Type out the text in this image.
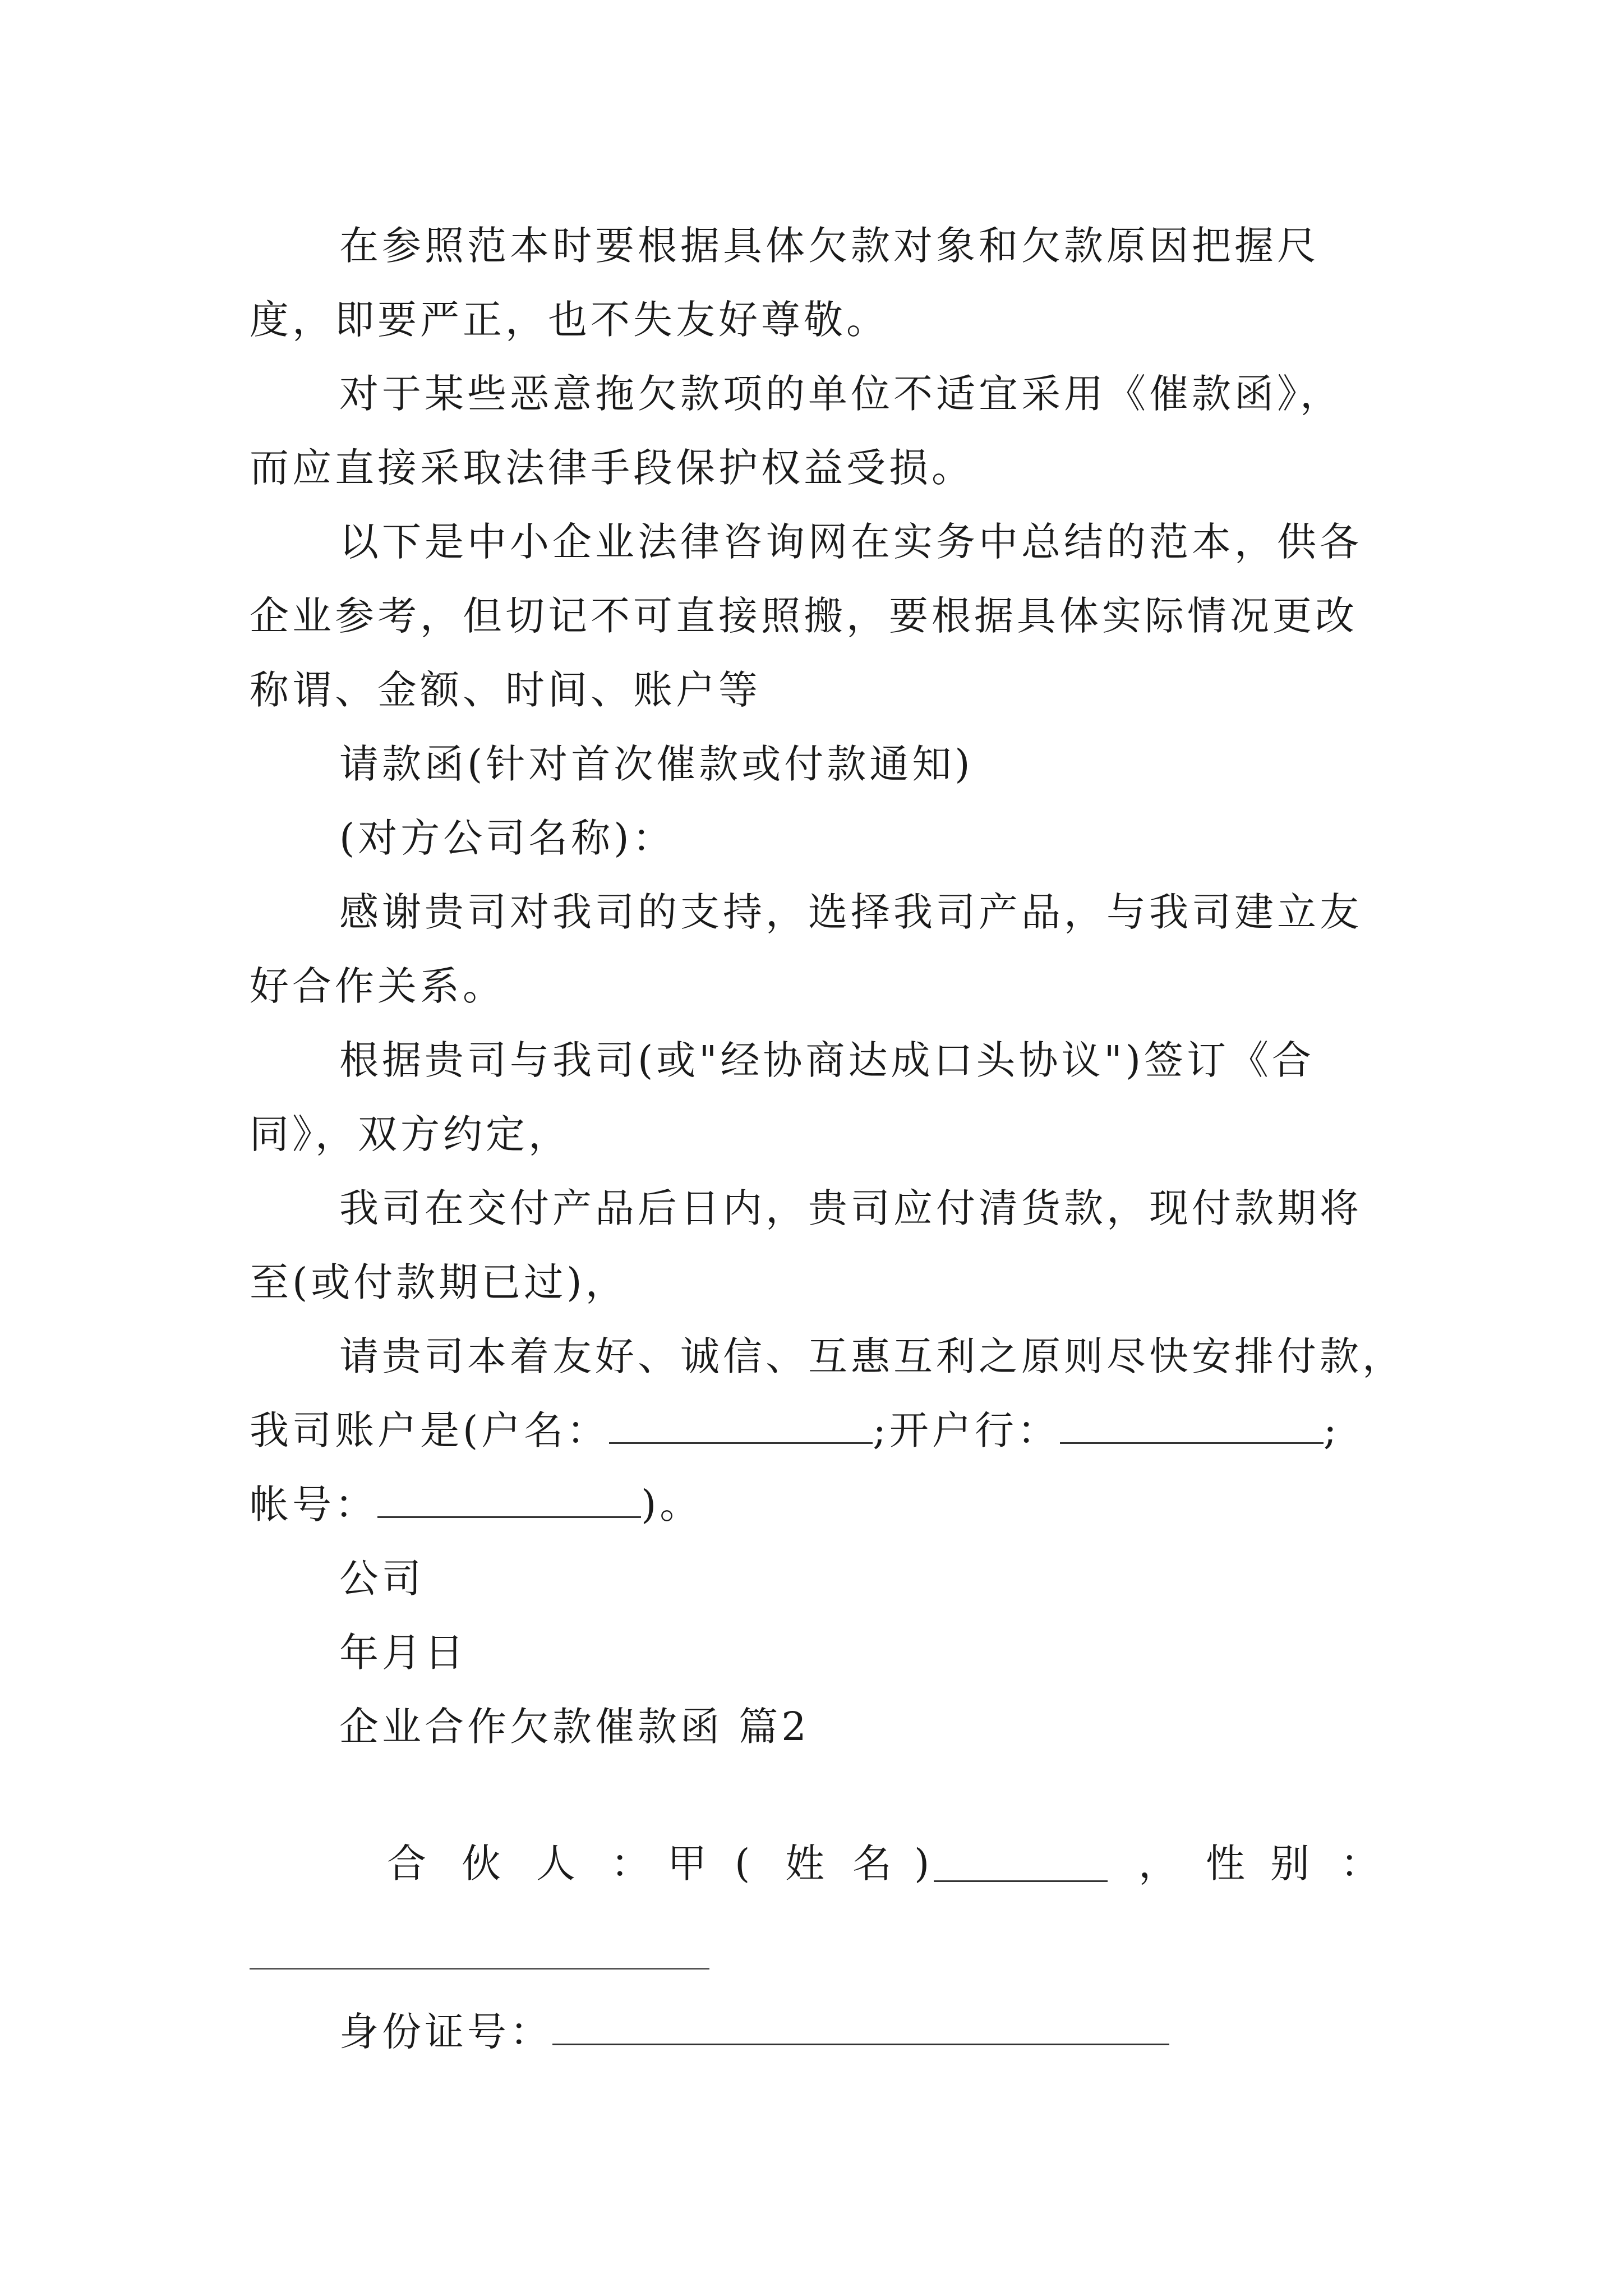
在参照范本时要根据具体欠款对象和欠款原因把握尺
度，即要严正，也不失友好尊敬。
对于某些恶意拖欠款项的单位不适宜采用《催款函》，
而应直接采取法律手段保护权益受损。
以下是中小企业法律咨询网在实务中总结的范本，供各
企业参考，但切记不可直接照搬，要根据具体实际情况更改
称谓、金额、时间、账户等
请款函(针对首次催款或付款通知)
(对方公司名称)：
感谢贵司对我司的支持，选择我司产品，与我司建立友
好合作关系。
根据贵司与我司(或"经协商达成口头协议")签订《合
同》，双方约定，
我司在交付产品后日内，贵司应付清货款，现付款期将
至(或付款期已过)，
请贵司本着友好、诚信、互惠互利之原则尽快安排付款，
我司账户是(户名：	;开户行：	;
帐号：	)。
公司
年月日
企业合作欠款催款函 篇2
合 伙 人 ： 甲 ( 姓 名 )	， 性 别 ：
身份证号：
